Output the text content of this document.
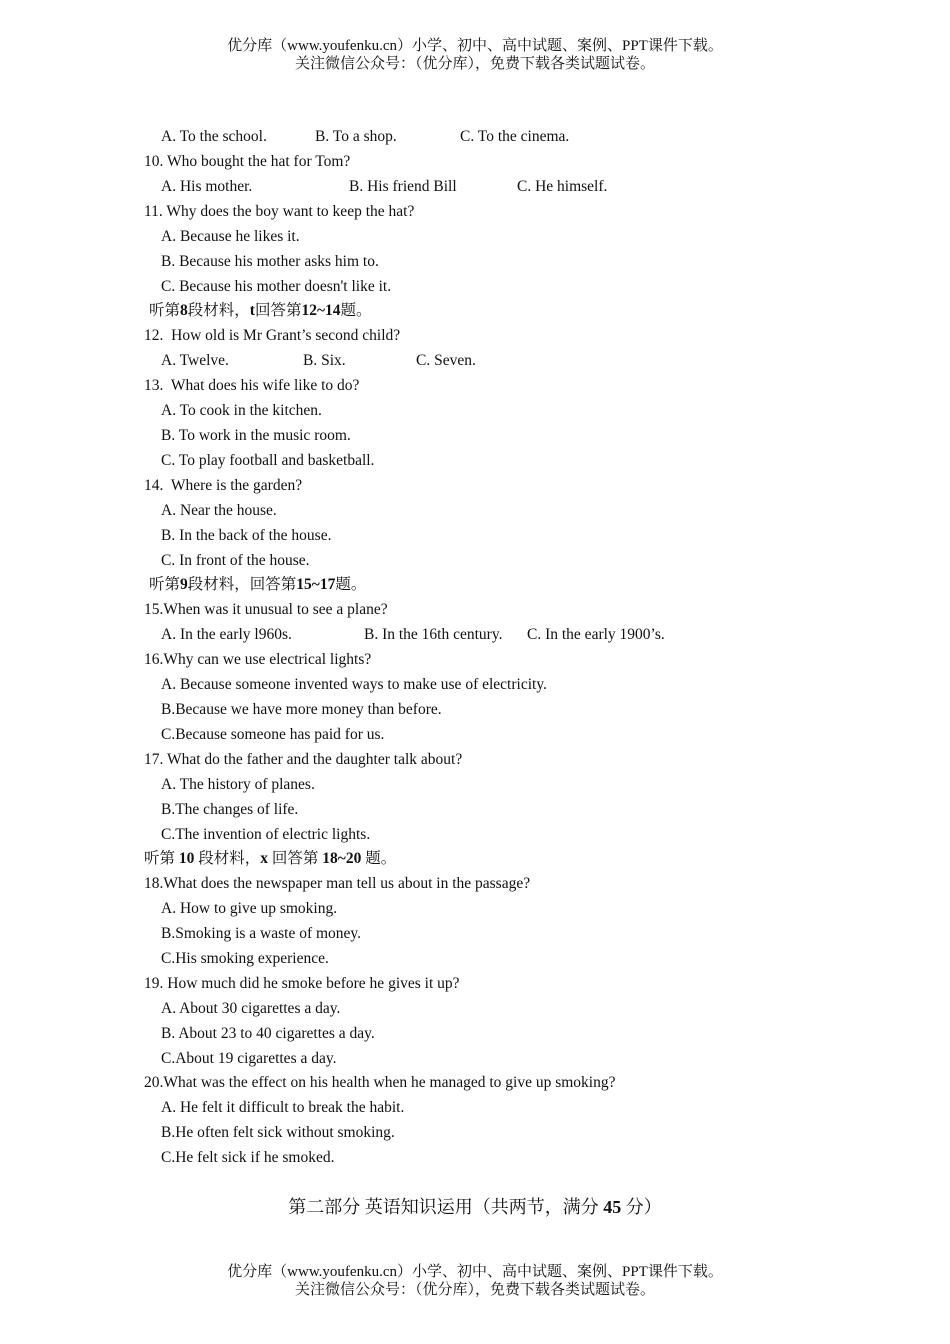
优分库（www.youfenku.cn）小学、初中、高中试题、案例、PPT课件下载。
关注微信公众号：（优分库），免费下载各类试题试卷。
A. To the school.	B. To a shop.	C. To the cinema.
10. Who bought the hat for Tom?
A. His mother.	B. His friend Bill	C. He himself.
11. Why does the boy want to keep the hat?
A. Because he likes it.
B. Because his mother asks him to.
C. Because his mother doesn't like it.
听第8段材料，t回答第12~14题。
12.  How old is Mr Grant’s second child?
A. Twelve.	B. Six.	C. Seven.
13.  What does his wife like to do?
A. To cook in the kitchen.
B. To work in the music room.
C. To play football and basketball.
14.  Where is the garden?
A. Near the house.
B. In the back of the house.
C. In front of the house.
听第9段材料，回答第15~17题。
15.When was it unusual to see a plane?
A. In the early l960s.	B. In the 16th century. C. In the early 1900’s.
16.Why can we use electrical lights?
A. Because someone invented ways to make use of electricity.
B.Because we have more money than before.
C.Because someone has paid for us.
17. What do the father and the daughter talk about?
A. The history of planes.
B.The changes of life.
C.The invention of electric lights.
听第 10 段材料，x 回答第 18~20 题。
18.What does the newspaper man tell us about in the passage?
A. How to give up smoking.
B.Smoking is a waste of money.
C.His smoking experience.
19. How much did he smoke before he gives it up?
A. About 30 cigarettes a day.
B. About 23 to 40 cigarettes a day.
C.About 19 cigarettes a day.
20.What was the effect on his health when he managed to give up smoking?
A. He felt it difficult to break the habit.
B.He often felt sick without smoking.
C.He felt sick if he smoked.
第二部分 英语知识运用（共两节，满分 45 分）
优分库（www.youfenku.cn）小学、初中、高中试题、案例、PPT课件下载。
关注微信公众号：（优分库），免费下载各类试题试卷。
